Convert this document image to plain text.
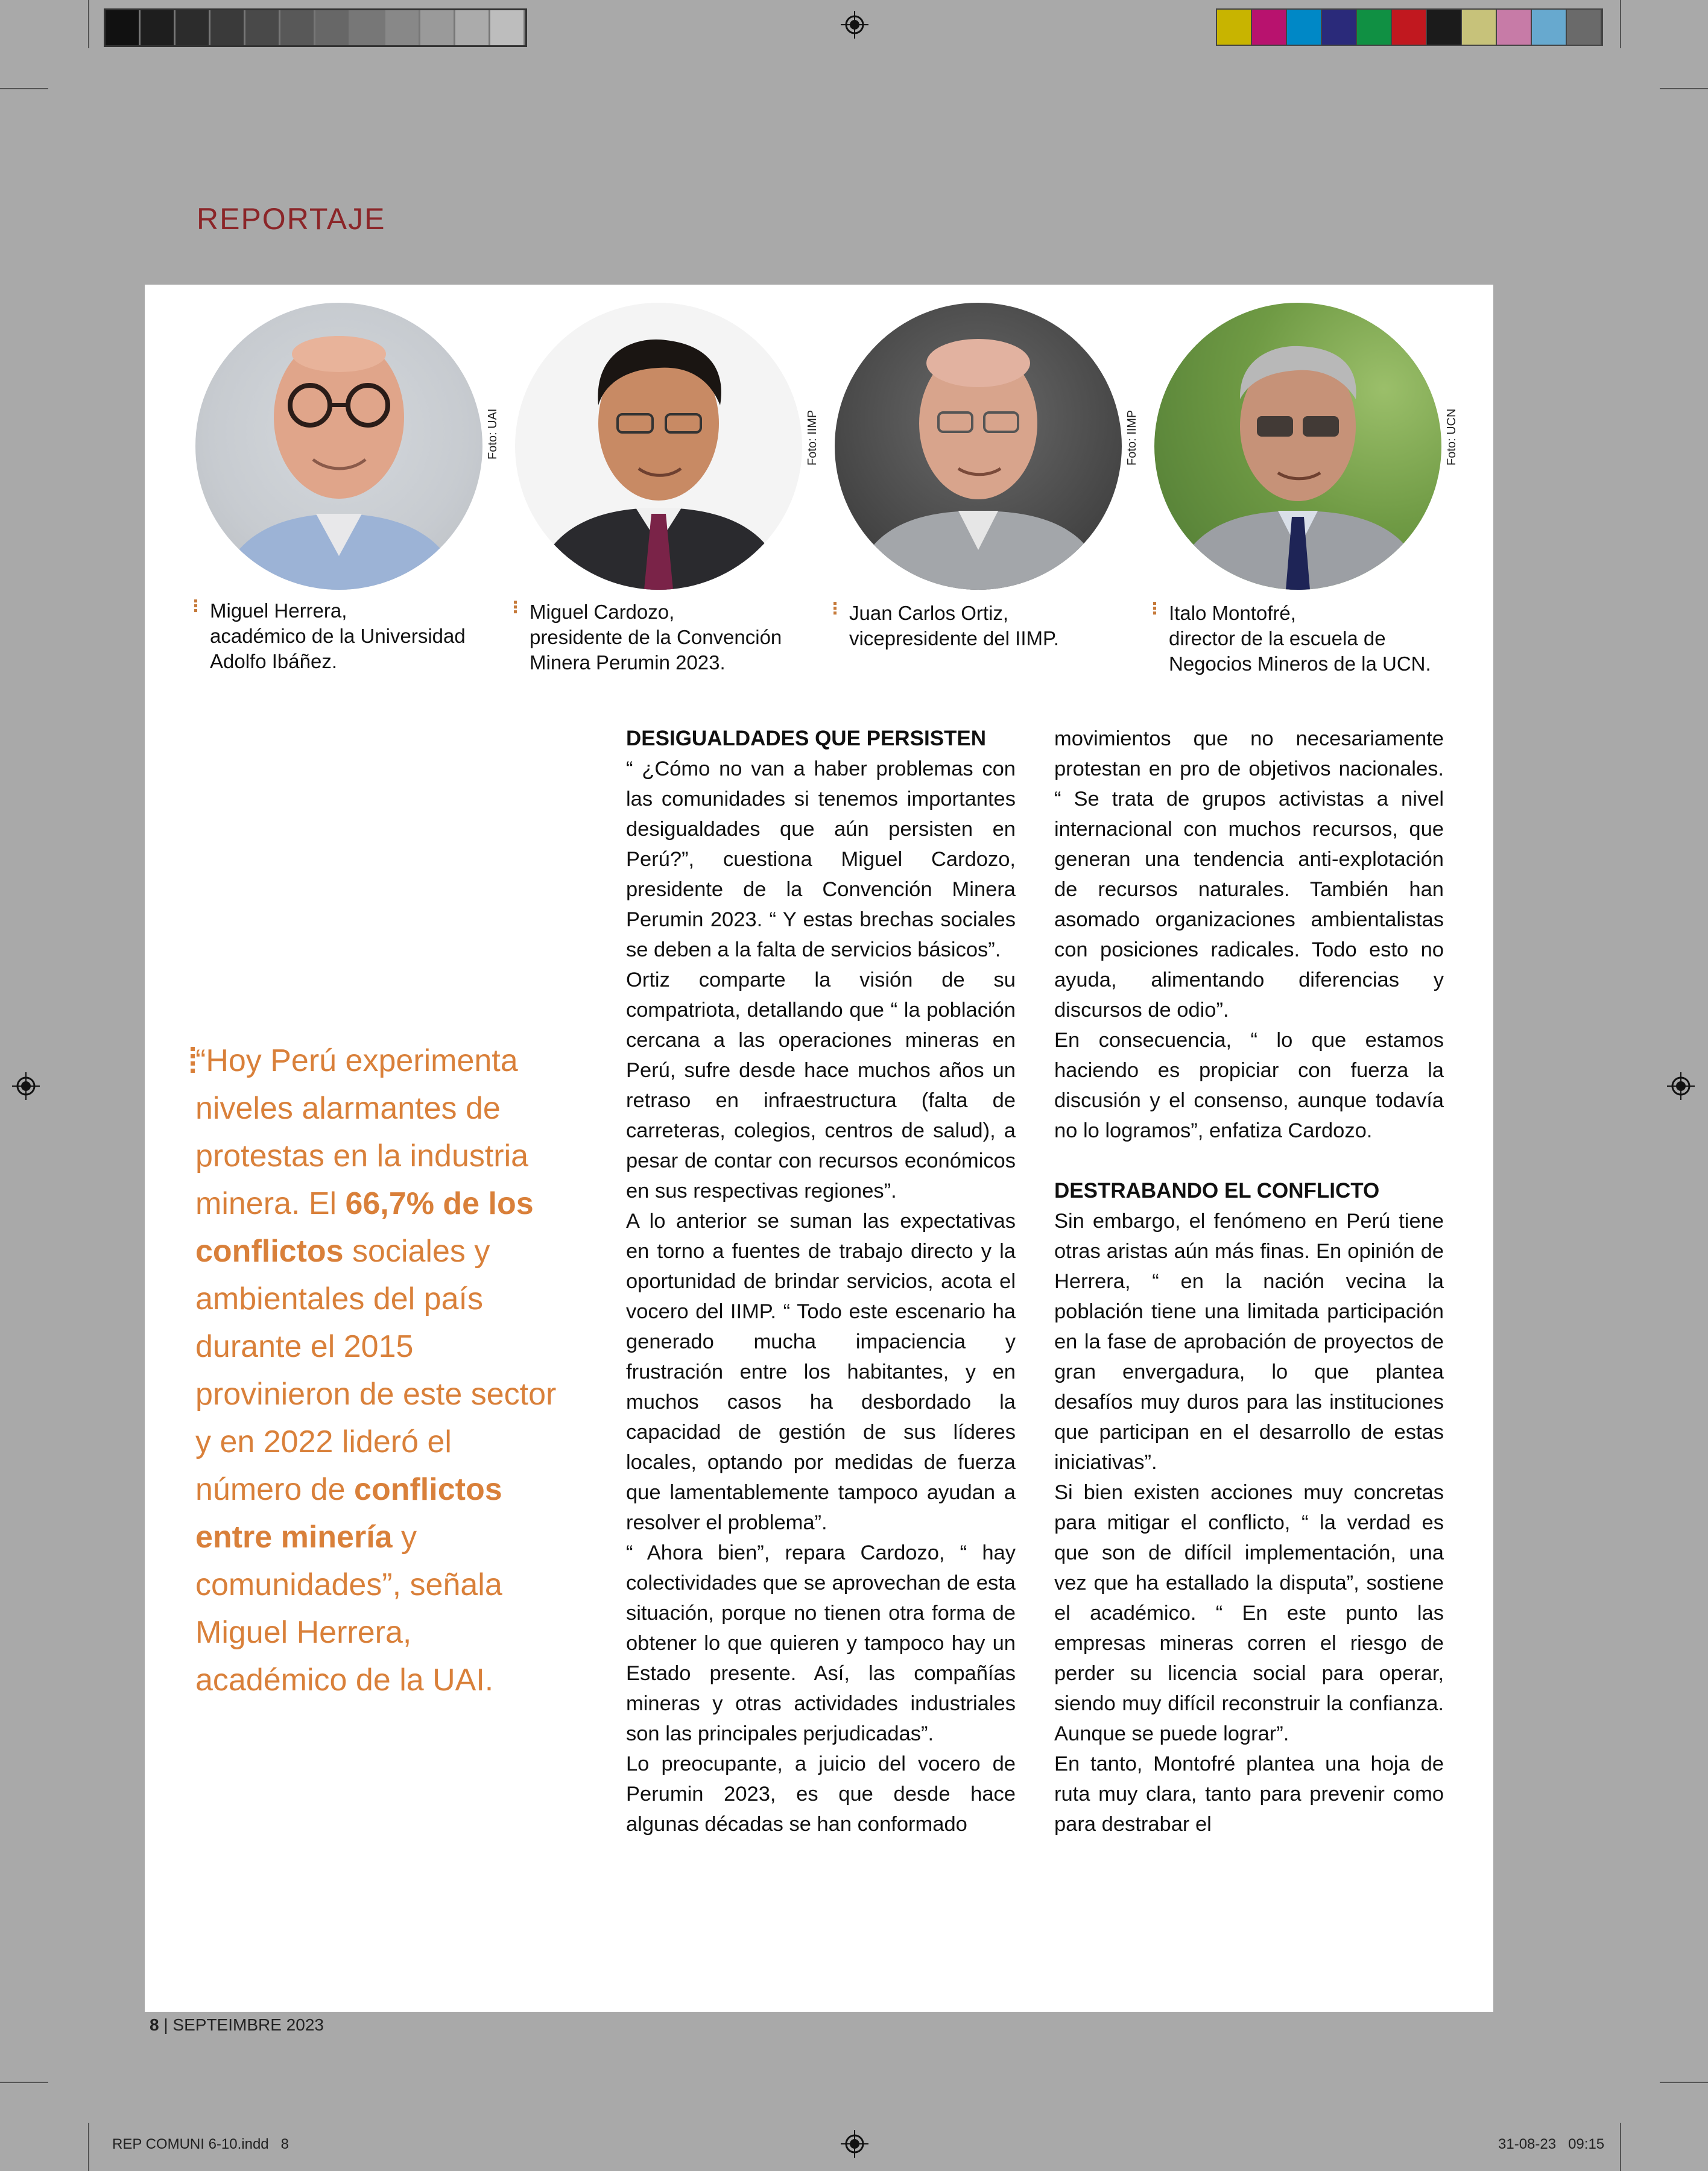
REPORTAJE
Foto: UAI	Foto: IIMP	Foto: IIMP	Foto: UCN
Miguel Herrera,
académico de la Universidad
Adolfo Ibáñez.
Miguel Cardozo,
presidente de la Convención
Minera Perumin 2023.
Juan Carlos Ortiz,
vicepresidente del IIMP.
Italo Montofré,
director de la escuela de
Negocios Mineros de la UCN.
DESIGUALDADES QUE PERSISTEN

“ ¿Cómo no van a haber problemas con las comunidades si tenemos importantes desigualdades que aún persisten en Perú?”, cuestiona Miguel Cardozo, presidente de la Convención Minera Perumin 2023. “ Y estas brechas sociales se deben a la falta de servicios básicos”.

Ortiz comparte la visión de su compatriota, detallando que “ la población cercana a las operaciones mineras en Perú, sufre desde hace muchos años un retraso en infraestructura (falta de carreteras, colegios, centros de salud), a pesar de contar con recursos económicos en sus respectivas regiones”.

A lo anterior se suman las expectativas en torno a fuentes de trabajo directo y la oportunidad de brindar servicios, acota el vocero del IIMP. “ Todo este escenario ha generado mucha impaciencia y frustración entre los habitantes, y en muchos casos ha desbordado la capacidad de gestión de sus líderes locales, optando por medidas de fuerza que lamentablemente tampoco ayudan a resolver el problema”.

“ Ahora bien”, repara Cardozo, “ hay colectividades que se aprovechan de esta situación, porque no tienen otra forma de obtener lo que quieren y tampoco hay un Estado presente. Así, las compañías mineras y otras actividades industriales son las principales perjudicadas”.

Lo preocupante, a juicio del vocero de Perumin 2023, es que desde hace algunas décadas se han conformado

movimientos que no necesariamente protestan en pro de objetivos nacionales. “ Se trata de grupos activistas a nivel internacional con muchos recursos, que generan una tendencia anti-explotación de recursos naturales. También han asomado organizaciones ambientalistas con posiciones radicales. Todo esto no ayuda, alimentando diferencias y discursos de odio”.

En consecuencia, “ lo que estamos haciendo es propiciar con fuerza la discusión y el consenso, aunque todavía no lo logramos”, enfatiza Cardozo.

DESTRABANDO EL CONFLICTO

Sin embargo, el fenómeno en Perú tiene otras aristas aún más finas. En opinión de Herrera, “ en la nación vecina la población tiene una limitada participación en la fase de aprobación de proyectos de gran envergadura, lo que plantea desafíos muy duros para las instituciones que participan en el desarrollo de estas iniciativas”.

Si bien existen acciones muy concretas para mitigar el conflicto, “ la verdad es que son de difícil implementación, una vez que ha estallado la disputa”, sostiene el académico. “ En este punto las empresas mineras corren el riesgo de perder su licencia social para operar, siendo muy difícil reconstruir la confianza. Aunque se puede lograr”.

En tanto, Montofré plantea una hoja de ruta muy clara, tanto para prevenir como para destrabar el

“Hoy Perú experimenta niveles alarmantes de protestas en la industria minera. El 66,7% de los conflictos sociales y ambientales del país durante el 2015 provinieron de este sector y en 2022 lideró el número de conflictos entre minería y comunidades”, señala Miguel Herrera, académico de la UAI.
8 | SEPTEIMBRE 2023
REP COMUNI 6-10.indd   8	31-08-23   09:15
